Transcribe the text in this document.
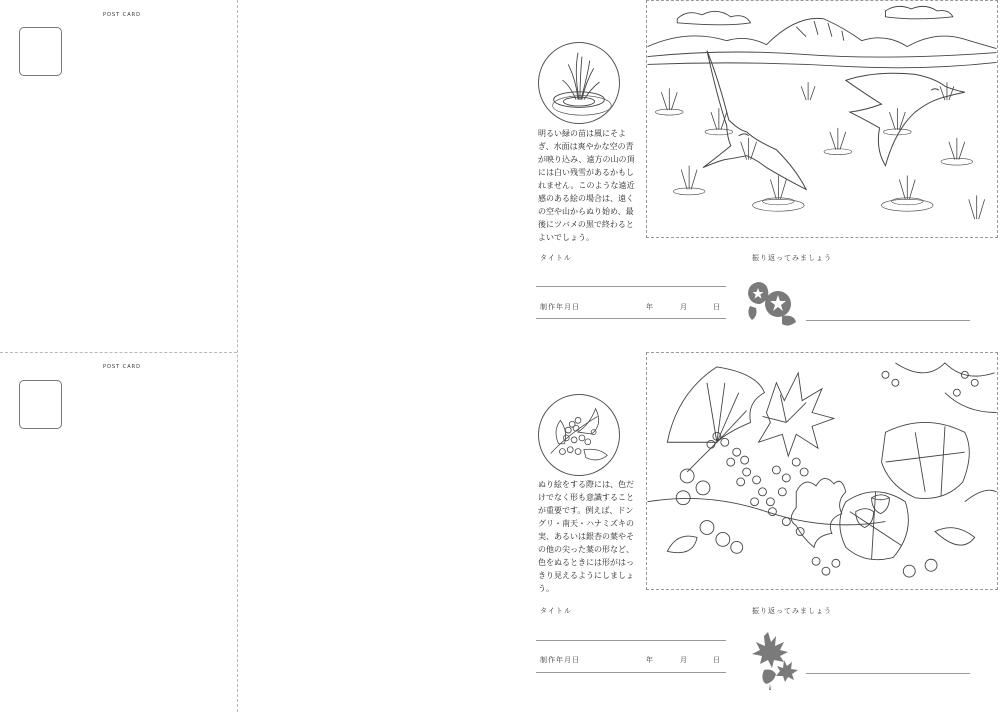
POST CARD
明るい緑の苗は風にそよぎ、水面は爽やかな空の青が映り込み、遠方の山の頂には白い残雪があるかもしれません。このような遠近感のある絵の場合は、遠くの空や山からぬり始め、最後にツバメの黒で終わるとよいでしょう。
タイトル	振り返ってみましょう
制作年月日	年	月	日
POST CARD
ぬり絵をする際には、色だけでなく形も意識することが重要です。例えば、ドングリ・南天・ハナミズキの実、あるいは銀杏の葉やその他の尖った葉の形など、色をぬるときには形がはっきり見えるようにしましょう。
タイトル	振り返ってみましょう
制作年月日	年	月	日
